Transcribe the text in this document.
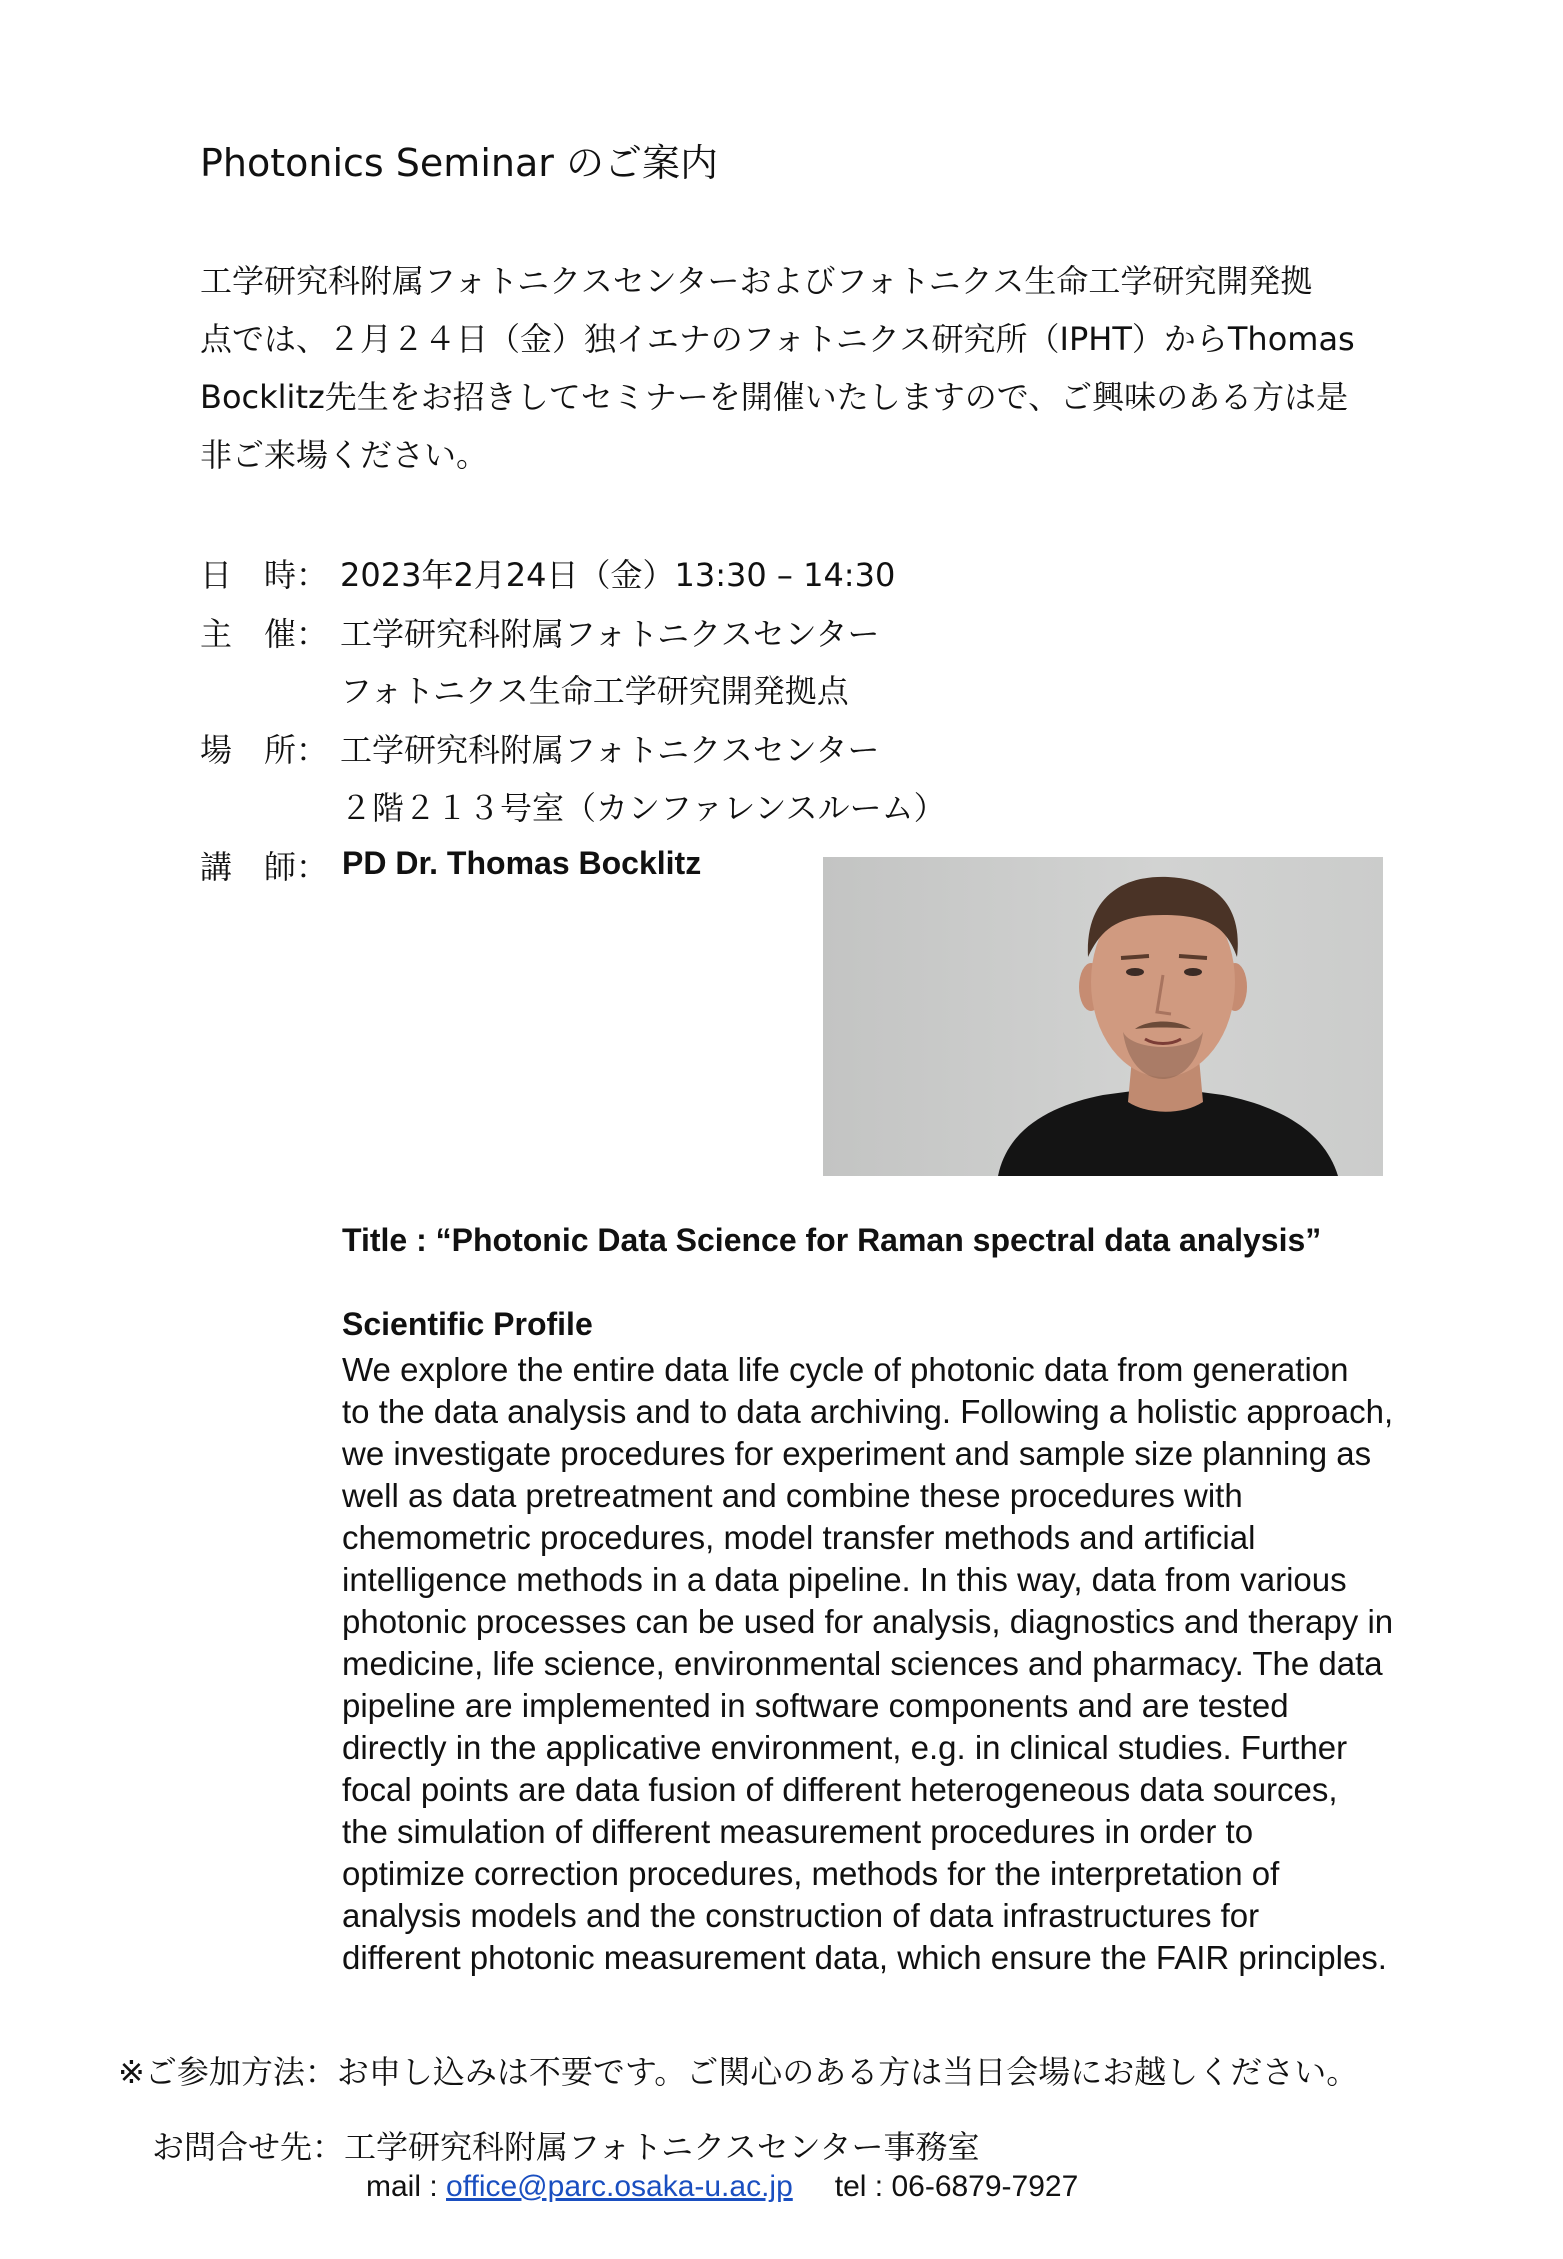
Photonics Seminar のご案内
工学研究科附属フォトニクスセンターおよびフォトニクス生命工学研究開発拠
点では、２月２４日（金）独イエナのフォトニクス研究所（IPHT）からThomas
Bocklitz先生をお招きしてセミナーを開催いたしますので、ご興味のある方は是
非ご来場ください。
日　時： 2023年2月24日（金）13:30 – 14:30
主　催： 工学研究科附属フォトニクスセンター
フォトニクス生命工学研究開発拠点
場　所： 工学研究科附属フォトニクスセンター
２階２１３号室（カンファレンスルーム）
講　師： PD Dr. Thomas Bocklitz
Title : “Photonic Data Science for Raman spectral data analysis”
Scientific Profile
We explore the entire data life cycle of photonic data from generation
to the data analysis and to data archiving. Following a holistic approach,
we investigate procedures for experiment and sample size planning as
well as data pretreatment and combine these procedures with
chemometric procedures, model transfer methods and artificial
intelligence methods in a data pipeline. In this way, data from various
photonic processes can be used for analysis, diagnostics and therapy in
medicine, life science, environmental sciences and pharmacy. The data
pipeline are implemented in software components and are tested
directly in the applicative environment, e.g. in clinical studies. Further
focal points are data fusion of different heterogeneous data sources,
the simulation of different measurement procedures in order to
optimize correction procedures, methods for the interpretation of
analysis models and the construction of data infrastructures for
different photonic measurement data, which ensure the FAIR principles.
※ご参加方法：お申し込みは不要です。ご関心のある方は当日会場にお越しください。
お問合せ先：工学研究科附属フォトニクスセンター事務室
mail : office@parc.osaka-u.ac.jp tel : 06-6879-7927
